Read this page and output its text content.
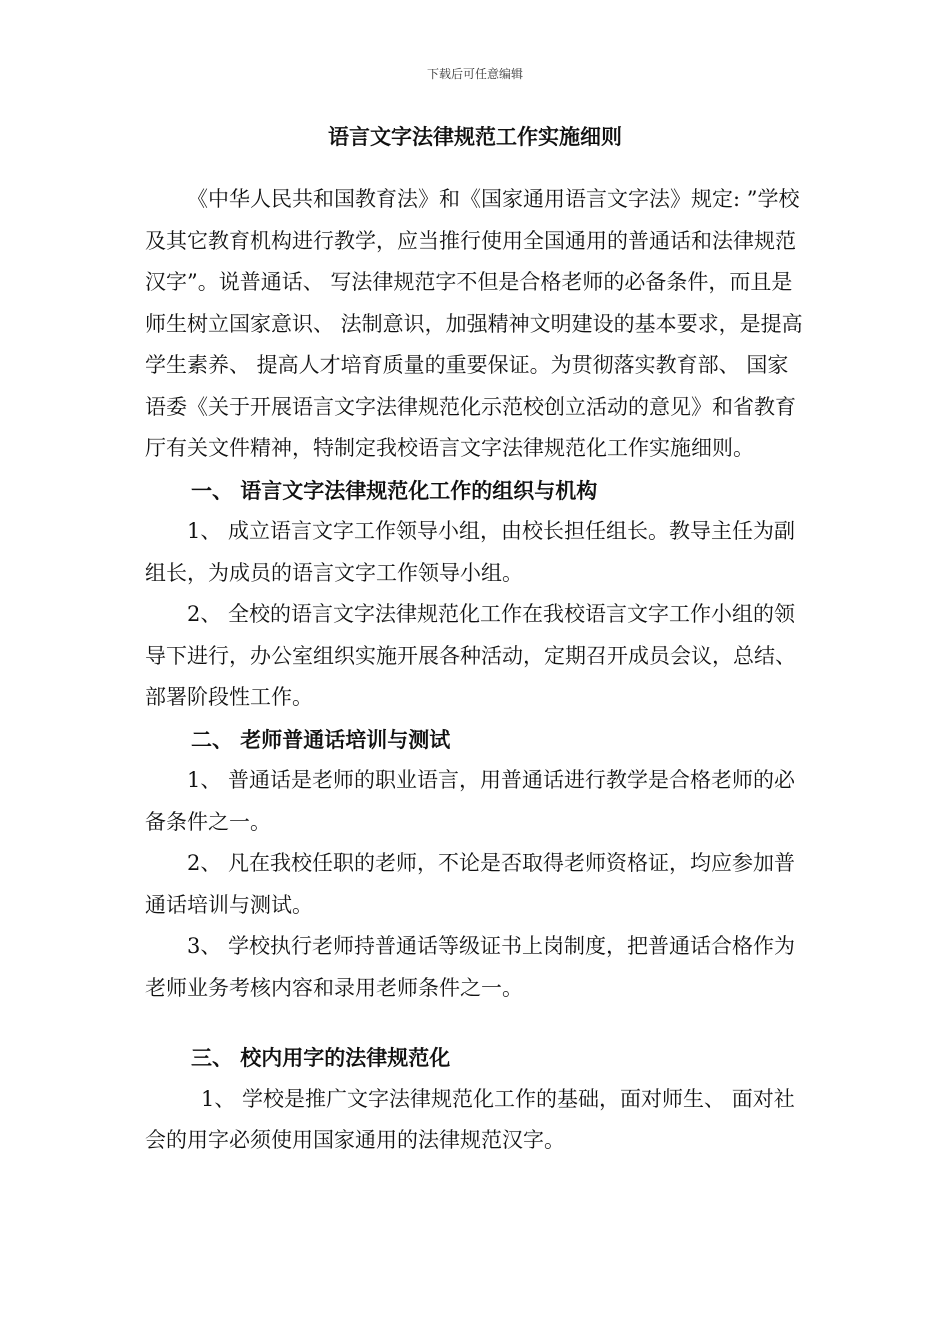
下载后可任意编辑
语言文字法律规范工作实施细则

《中华人民共和国教育法》和《国家通用语言文字法》规定: ”学校及其它教育机构进行教学，应当推行使用全国通用的普通话和法律规范汉字”。说普通话、 写法律规范字不但是合格老师的必备条件，而且是师生树立国家意识、 法制意识，加强精神文明建设的基本要求，是提高学生素养、 提高人才培育质量的重要保证。为贯彻落实教育部、 国家语委《关于开展语言文字法律规范化示范校创立活动的意见》和省教育厅有关文件精神，特制定我校语言文字法律规范化工作实施细则。

一、 语言文字法律规范化工作的组织与机构

1、 成立语言文字工作领导小组，由校长担任组长。教导主任为副组长，为成员的语言文字工作领导小组。

2、 全校的语言文字法律规范化工作在我校语言文字工作小组的领导下进行，办公室组织实施开展各种活动，定期召开成员会议，总结、 部署阶段性工作。

二、 老师普通话培训与测试

1、 普通话是老师的职业语言，用普通话进行教学是合格老师的必备条件之一。

2、 凡在我校任职的老师，不论是否取得老师资格证，均应参加普通话培训与测试。

3、 学校执行老师持普通话等级证书上岗制度，把普通话合格作为老师业务考核内容和录用老师条件之一。

三、 校内用字的法律规范化

1、 学校是推广文字法律规范化工作的基础，面对师生、 面对社会的用字必须使用国家通用的法律规范汉字。
